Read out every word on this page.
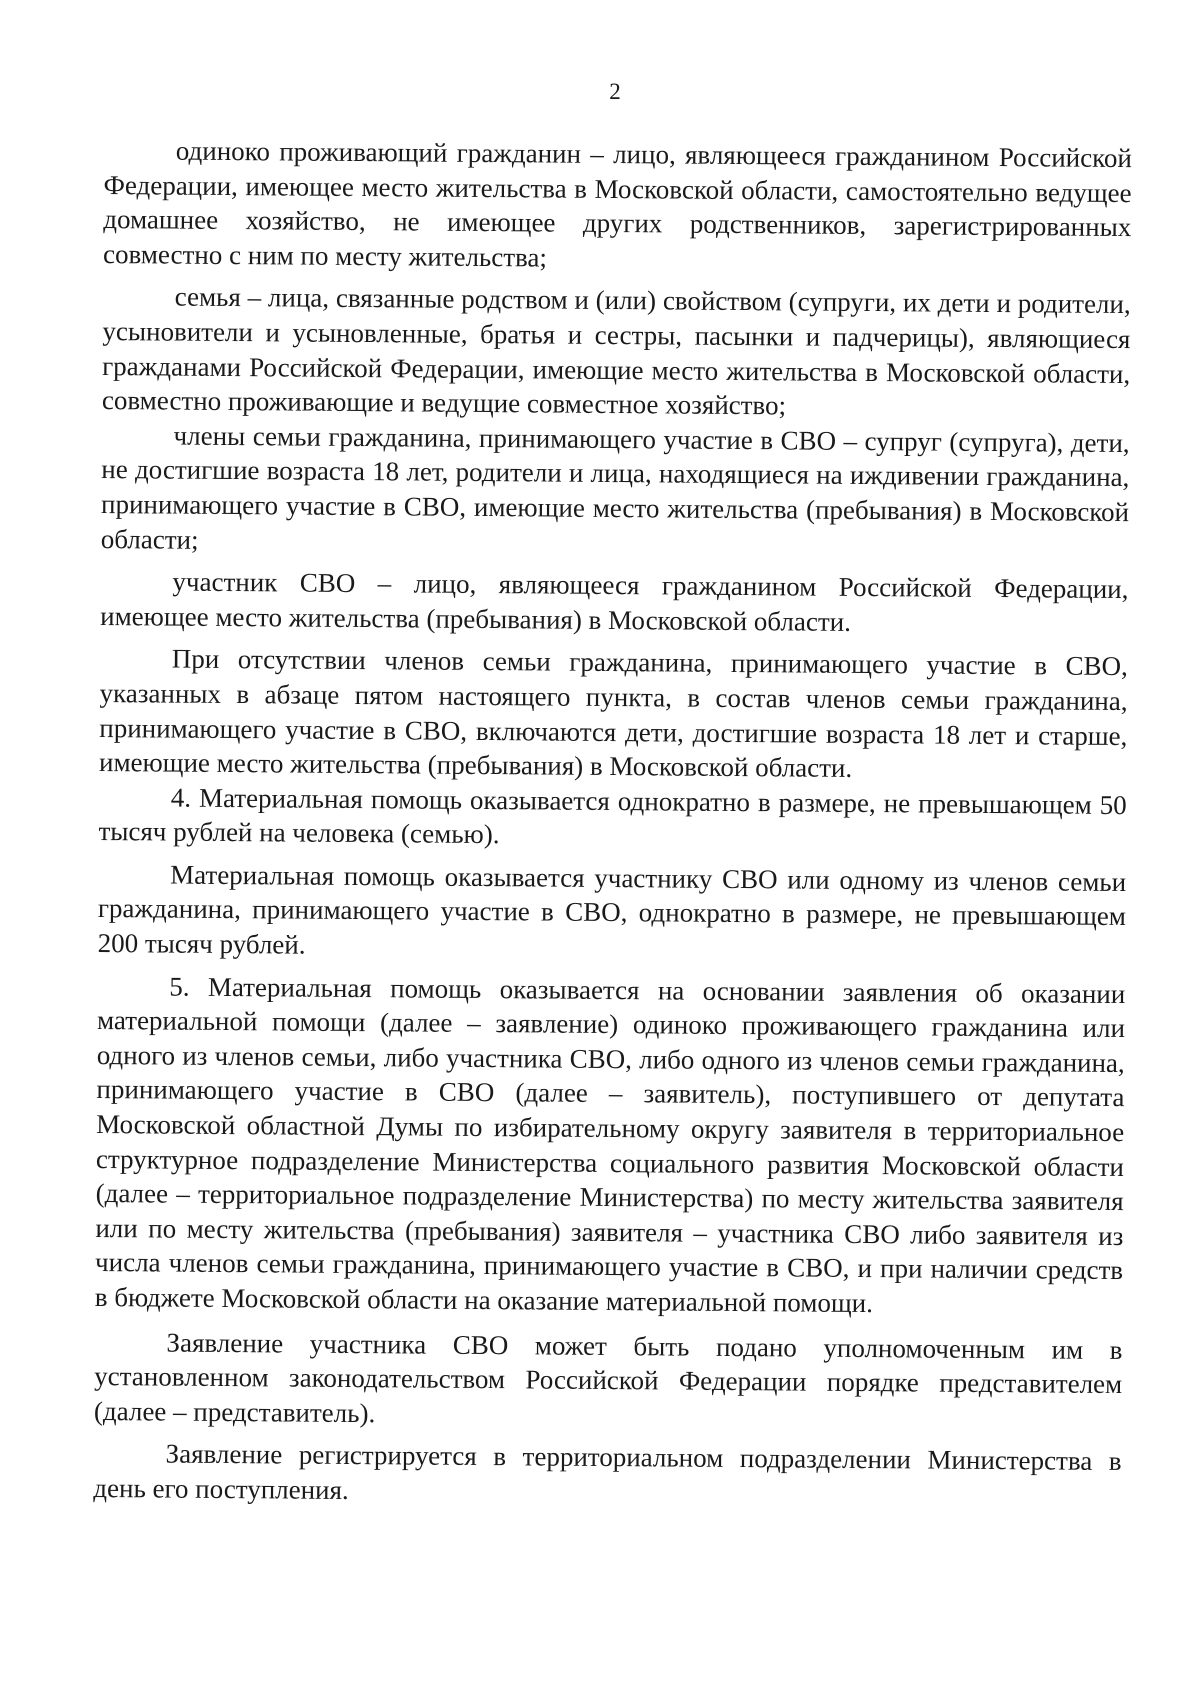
2

одиноко проживающий гражданин – лицо, являющееся гражданином Российской Федерации, имеющее место жительства в Московской области, самостоятельно ведущее домашнее хозяйство, не имеющее других родственников, зарегистрированных совместно с ним по месту жительства;

семья – лица, связанные родством и (или) свойством (супруги, их дети и родители, усыновители и усыновленные, братья и сестры, пасынки и падчерицы), являющиеся гражданами Российской Федерации, имеющие место жительства в Московской области, совместно проживающие и ведущие совместное хозяйство;

члены семьи гражданина, принимающего участие в СВО – супруг (супруга), дети, не достигшие возраста 18 лет, родители и лица, находящиеся на иждивении гражданина, принимающего участие в СВО, имеющие место жительства (пребывания) в Московской области;

участник СВО – лицо, являющееся гражданином Российской Федерации, имеющее место жительства (пребывания) в Московской области.

При отсутствии членов семьи гражданина, принимающего участие в СВО, указанных в абзаце пятом настоящего пункта, в состав членов семьи гражданина, принимающего участие в СВО, включаются дети, достигшие возраста 18 лет и старше, имеющие место жительства (пребывания) в Московской области.

4. Материальная помощь оказывается однократно в размере, не превышающем 50 тысяч рублей на человека (семью).

Материальная помощь оказывается участнику СВО или одному из членов семьи гражданина, принимающего участие в СВО, однократно в размере, не превышающем 200 тысяч рублей.

5. Материальная помощь оказывается на основании заявления об оказании материальной помощи (далее – заявление) одиноко проживающего гражданина или одного из членов семьи, либо участника СВО, либо одного из членов семьи гражданина, принимающего участие в СВО (далее – заявитель), поступившего от депутата Московской областной Думы по избирательному округу заявителя в территориальное структурное подразделение Министерства социального развития Московской области (далее – территориальное подразделение Министерства) по месту жительства заявителя или по месту жительства (пребывания) заявителя – участника СВО либо заявителя из числа членов семьи гражданина, принимающего участие в СВО, и при наличии средств в бюджете Московской области на оказание материальной помощи.

Заявление участника СВО может быть подано уполномоченным им в установленном законодательством Российской Федерации порядке представителем (далее – представитель).

Заявление регистрируется в территориальном подразделении Министерства в день его поступления.
